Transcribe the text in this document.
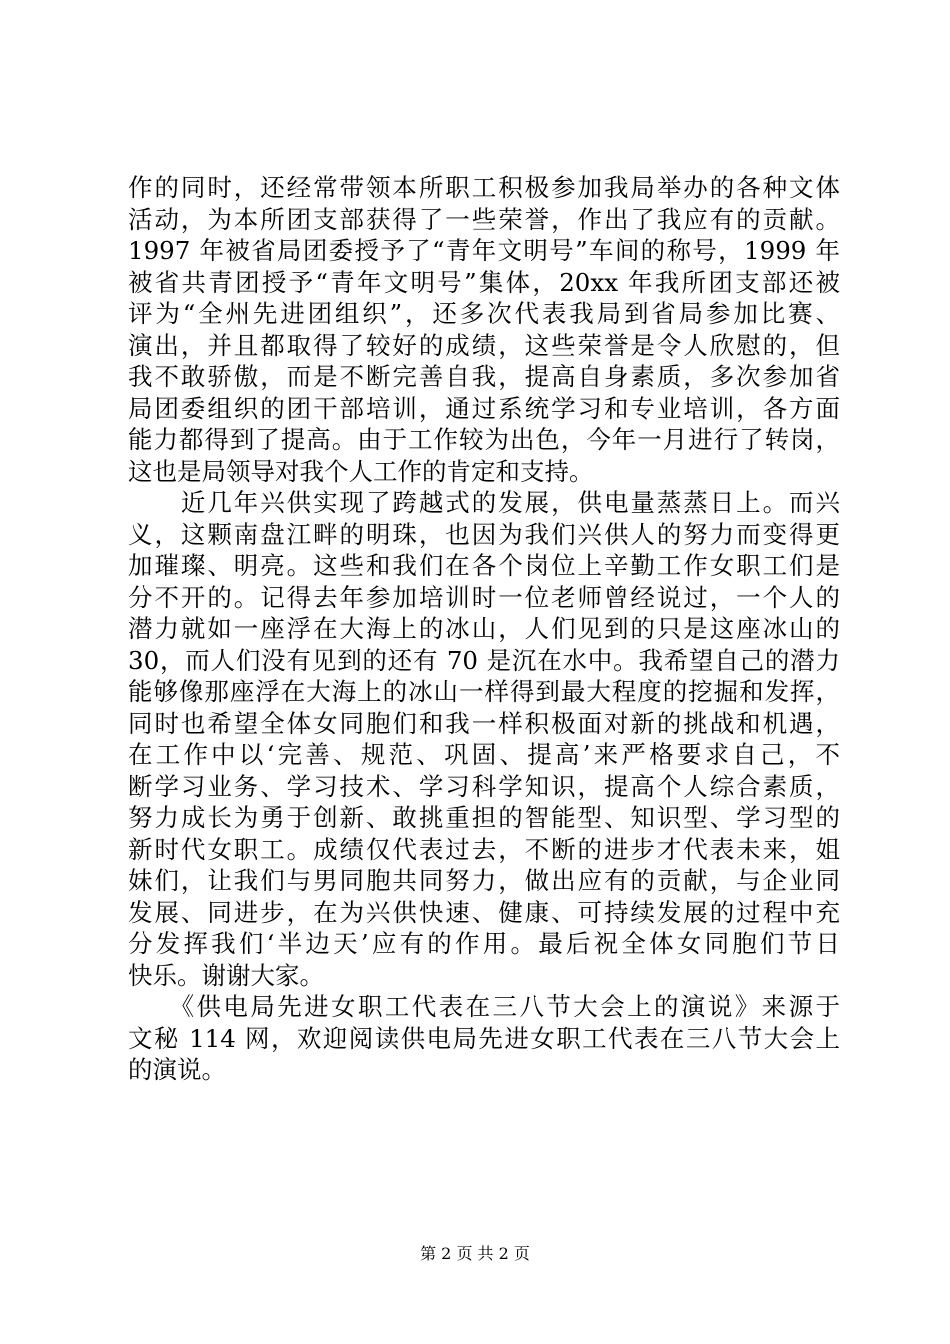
作的同时，还经常带领本所职工积极参加我局举办的各种文体
活动，为本所团支部获得了一些荣誉，作出了我应有的贡献。
1997 年被省局团委授予了“青年文明号”车间的称号，1999 年
被省共青团授予“青年文明号”集体，20xx 年我所团支部还被
评为“全州先进团组织”，还多次代表我局到省局参加比赛、
演出，并且都取得了较好的成绩，这些荣誉是令人欣慰的，但
我不敢骄傲，而是不断完善自我，提高自身素质，多次参加省
局团委组织的团干部培训，通过系统学习和专业培训，各方面
能力都得到了提高。由于工作较为出色，今年一月进行了转岗，
这也是局领导对我个人工作的肯定和支持。
　　近几年兴供实现了跨越式的发展，供电量蒸蒸日上。而兴
义，这颗南盘江畔的明珠，也因为我们兴供人的努力而变得更
加璀璨、明亮。这些和我们在各个岗位上辛勤工作女职工们是
分不开的。记得去年参加培训时一位老师曾经说过，一个人的
潜力就如一座浮在大海上的冰山，人们见到的只是这座冰山的
30，而人们没有见到的还有 70 是沉在水中。我希望自己的潜力
能够像那座浮在大海上的冰山一样得到最大程度的挖掘和发挥，
同时也希望全体女同胞们和我一样积极面对新的挑战和机遇，
在工作中以‘完善、规范、巩固、提高’来严格要求自己，不
断学习业务、学习技术、学习科学知识，提高个人综合素质，
努力成长为勇于创新、敢挑重担的智能型、知识型、学习型的
新时代女职工。成绩仅代表过去，不断的进步才代表未来，姐
妹们，让我们与男同胞共同努力，做出应有的贡献，与企业同
发展、同进步，在为兴供快速、健康、可持续发展的过程中充
分发挥我们‘半边天’应有的作用。最后祝全体女同胞们节日
快乐。谢谢大家。
　　《供电局先进女职工代表在三八节大会上的演说》来源于
文秘 114 网，欢迎阅读供电局先进女职工代表在三八节大会上
的演说。
第 2 页 共 2 页
